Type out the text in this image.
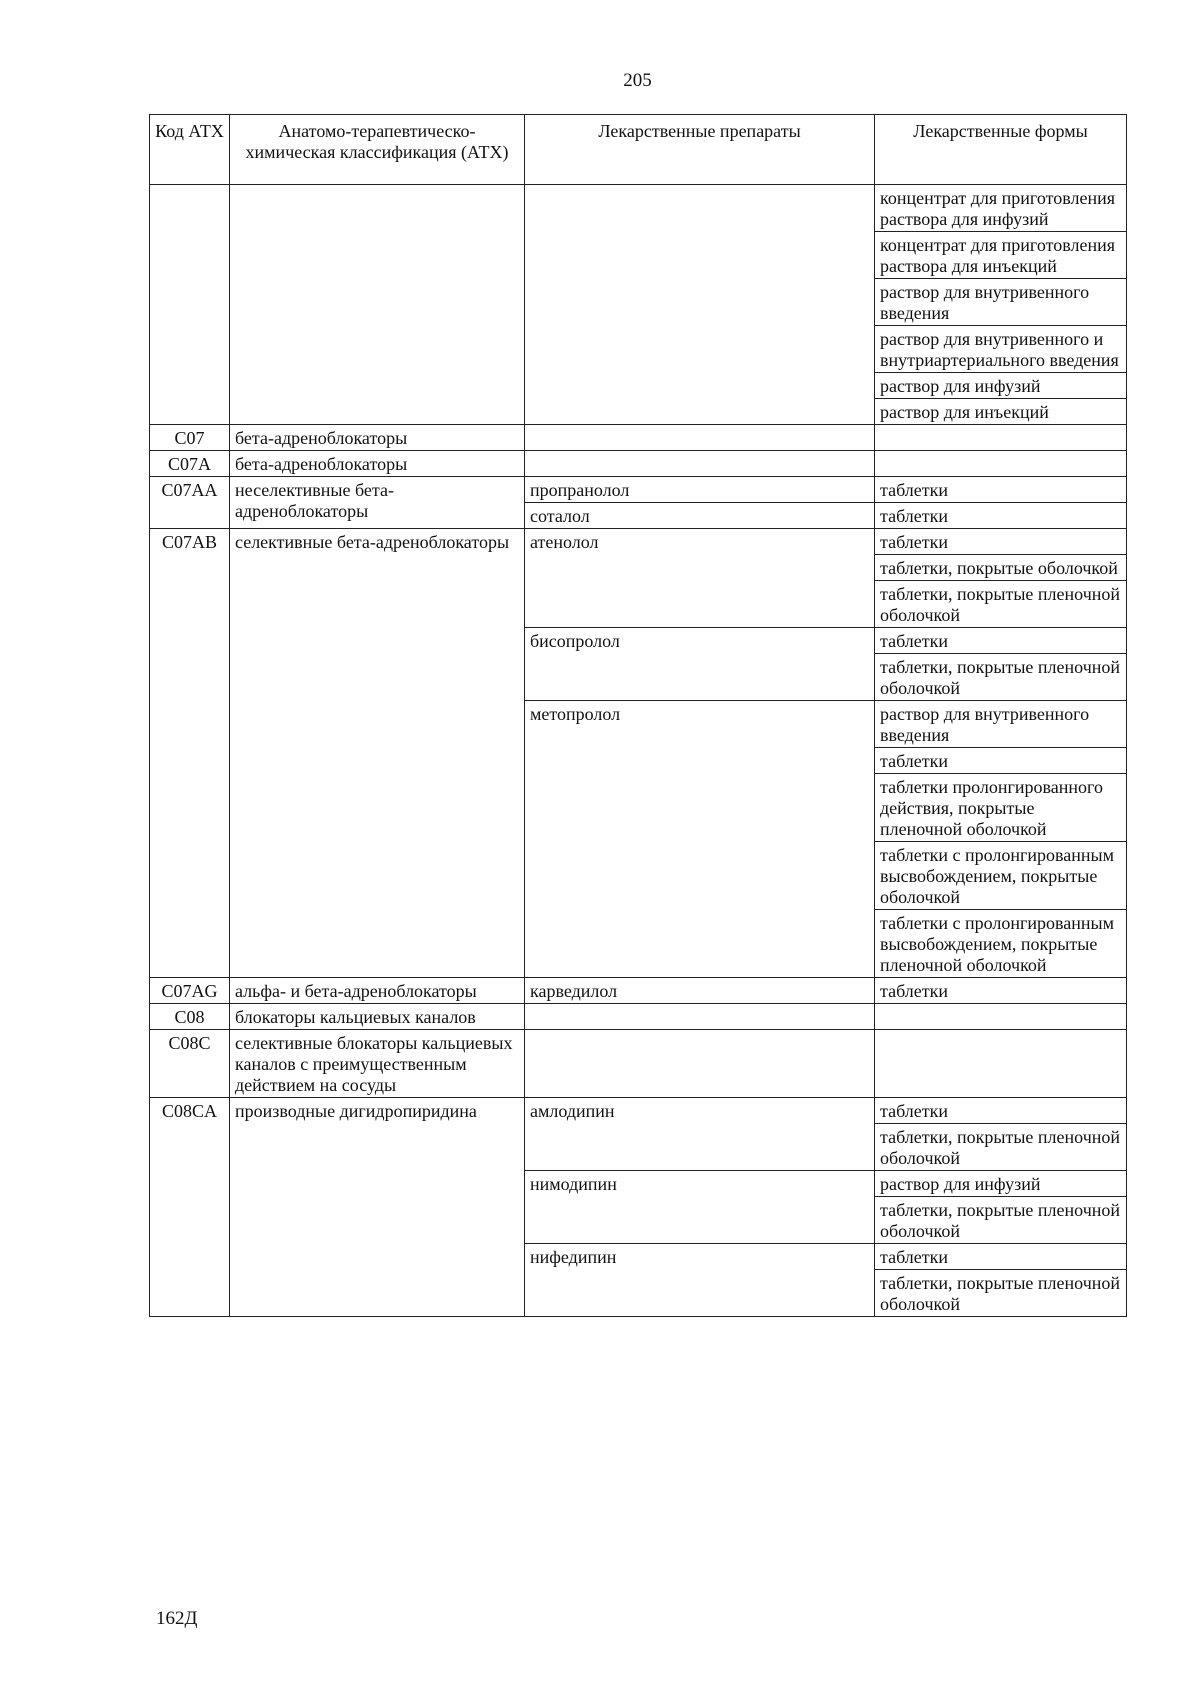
205
Код АТХ	Анатомо-терапевтическо-химическая классификация (АТХ)	Лекарственные препараты	Лекарственные формы
			концентрат для приготовления раствора для инфузий
			концентрат для приготовления раствора для инъекций
			раствор для внутривенного введения
			раствор для внутривенного и внутриартериального введения
			раствор для инфузий
			раствор для инъекций
C07	бета-адреноблокаторы		
C07A	бета-адреноблокаторы		
C07AA	неселективные бета-адреноблокаторы	пропранолол	таблетки
		соталол	таблетки
C07AB	селективные бета-адреноблокаторы	атенолол	таблетки
			таблетки, покрытые оболочкой
			таблетки, покрытые пленочной оболочкой
		бисопролол	таблетки
			таблетки, покрытые пленочной оболочкой
		метопролол	раствор для внутривенного введения
			таблетки
			таблетки пролонгированного действия, покрытые пленочной оболочкой
			таблетки с пролонгированным высвобождением, покрытые оболочкой
			таблетки с пролонгированным высвобождением, покрытые пленочной оболочкой
C07AG	альфа- и бета-адреноблокаторы	карведилол	таблетки
C08	блокаторы кальциевых каналов		
C08C	селективные блокаторы кальциевых каналов с преимущественным действием на сосуды		
C08CA	производные дигидропиридина	амлодипин	таблетки
			таблетки, покрытые пленочной оболочкой
		нимодипин	раствор для инфузий
			таблетки, покрытые пленочной оболочкой
		нифедипин	таблетки
			таблетки, покрытые пленочной оболочкой
162Д
